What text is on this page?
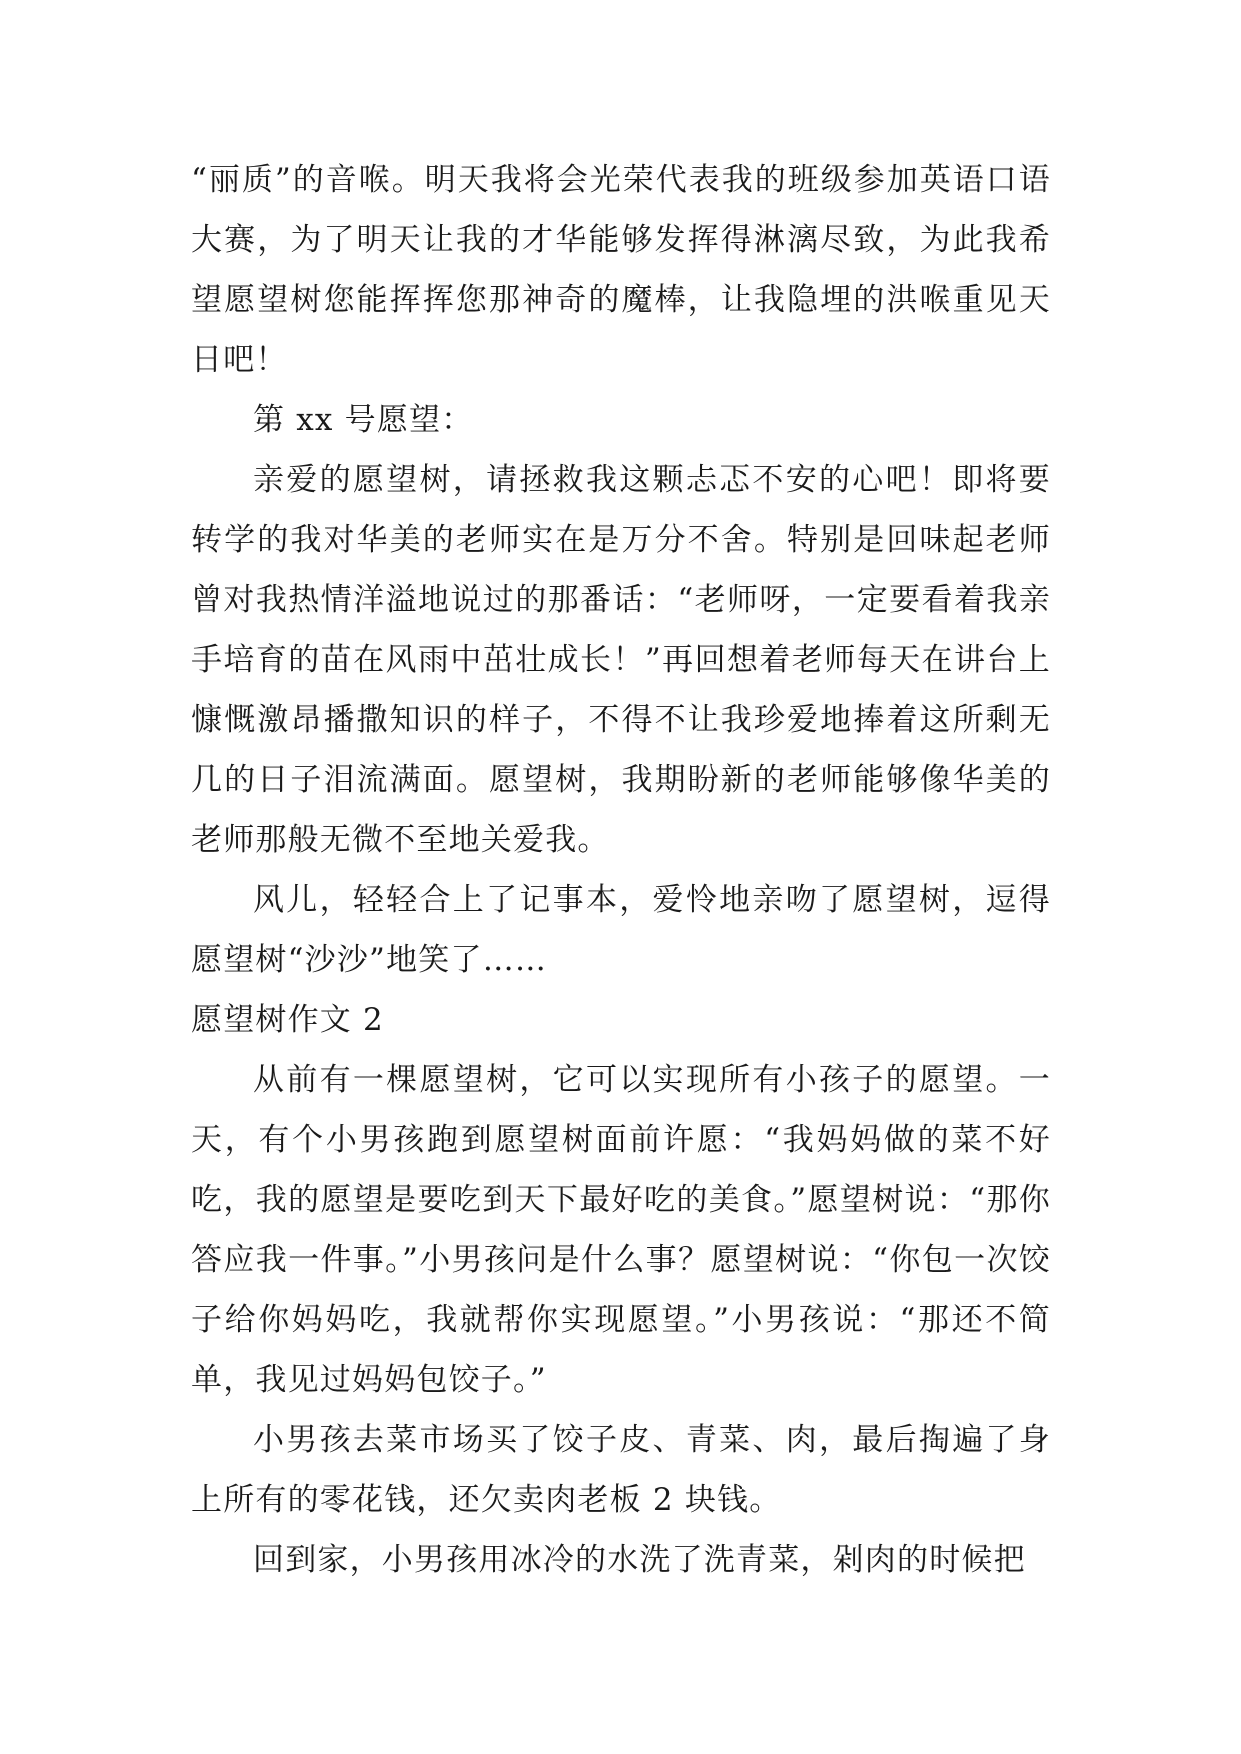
“丽质”的音喉。明天我将会光荣代表我的班级参加英语口语大赛，为了明天让我的才华能够发挥得淋漓尽致，为此我希望愿望树您能挥挥您那神奇的魔棒，让我隐埋的洪喉重见天日吧！

第 xx 号愿望：

亲爱的愿望树，请拯救我这颗忐忑不安的心吧！即将要转学的我对华美的老师实在是万分不舍。特别是回味起老师曾对我热情洋溢地说过的那番话：“老师呀，一定要看着我亲手培育的苗在风雨中茁壮成长！”再回想着老师每天在讲台上慷慨激昂播撒知识的样子，不得不让我珍爱地捧着这所剩无几的日子泪流满面。愿望树，我期盼新的老师能够像华美的老师那般无微不至地关爱我。

风儿，轻轻合上了记事本，爱怜地亲吻了愿望树，逗得愿望树“沙沙”地笑了……

愿望树作文 2

从前有一棵愿望树，它可以实现所有小孩子的愿望。一天，有个小男孩跑到愿望树面前许愿：“我妈妈做的菜不好吃，我的愿望是要吃到天下最好吃的美食。”愿望树说：“那你答应我一件事。”小男孩问是什么事？愿望树说：“你包一次饺子给你妈妈吃，我就帮你实现愿望。”小男孩说：“那还不简单，我见过妈妈包饺子。”

小男孩去菜市场买了饺子皮、青菜、肉，最后掏遍了身上所有的零花钱，还欠卖肉老板 2 块钱。

回到家，小男孩用冰冷的水洗了洗青菜，剁肉的时候把
